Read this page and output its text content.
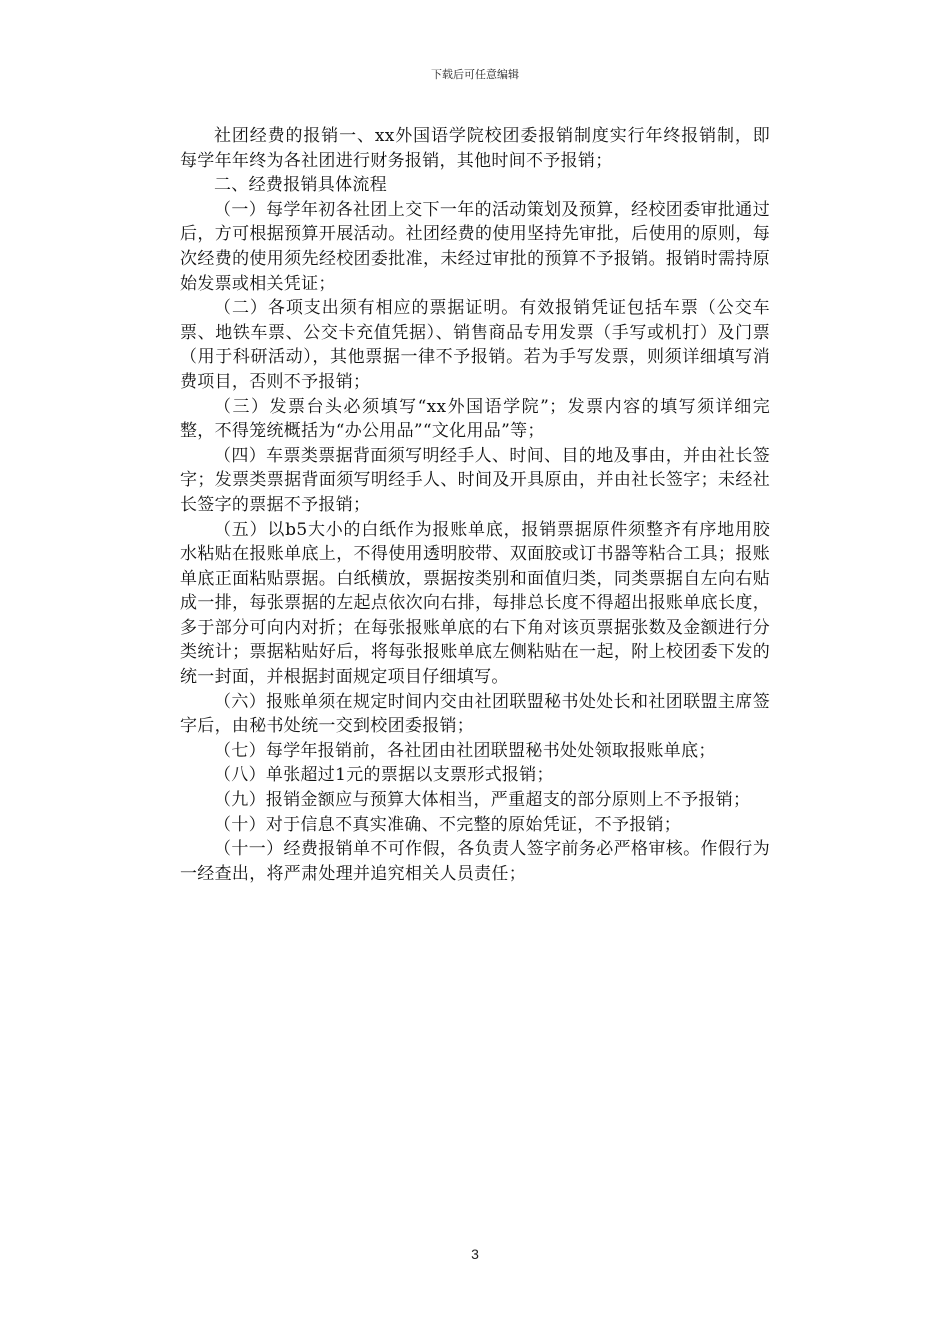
下载后可任意编辑

社团经费的报销一、xx外国语学院校团委报销制度实行年终报销制，即每学年年终为各社团进行财务报销，其他时间不予报销；

二、经费报销具体流程

（一）每学年初各社团上交下一年的活动策划及预算，经校团委审批通过后，方可根据预算开展活动。社团经费的使用坚持先审批，后使用的原则，每次经费的使用须先经校团委批准，未经过审批的预算不予报销。报销时需持原始发票或相关凭证；

（二）各项支出须有相应的票据证明。有效报销凭证包括车票（公交车票、地铁车票、公交卡充值凭据）、销售商品专用发票（手写或机打）及门票（用于科研活动），其他票据一律不予报销。若为手写发票，则须详细填写消费项目，否则不予报销；

（三）发票台头必须填写“xx外国语学院”；发票内容的填写须详细完整，不得笼统概括为“办公用品”“文化用品”等；

（四）车票类票据背面须写明经手人、时间、目的地及事由，并由社长签字；发票类票据背面须写明经手人、时间及开具原由，并由社长签字；未经社长签字的票据不予报销；

（五）以b5大小的白纸作为报账单底，报销票据原件须整齐有序地用胶水粘贴在报账单底上，不得使用透明胶带、双面胶或订书器等粘合工具；报账单底正面粘贴票据。白纸横放，票据按类别和面值归类，同类票据自左向右贴成一排，每张票据的左起点依次向右排，每排总长度不得超出报账单底长度，多于部分可向内对折；在每张报账单底的右下角对该页票据张数及金额进行分类统计；票据粘贴好后，将每张报账单底左侧粘贴在一起，附上校团委下发的统一封面，并根据封面规定项目仔细填写。

（六）报账单须在规定时间内交由社团联盟秘书处处长和社团联盟主席签字后，由秘书处统一交到校团委报销；

（七）每学年报销前，各社团由社团联盟秘书处处领取报账单底；

（八）单张超过1元的票据以支票形式报销；

（九）报销金额应与预算大体相当，严重超支的部分原则上不予报销；

（十）对于信息不真实准确、不完整的原始凭证，不予报销；

（十一）经费报销单不可作假，各负责人签字前务必严格审核。作假行为一经查出，将严肃处理并追究相关人员责任；

3
